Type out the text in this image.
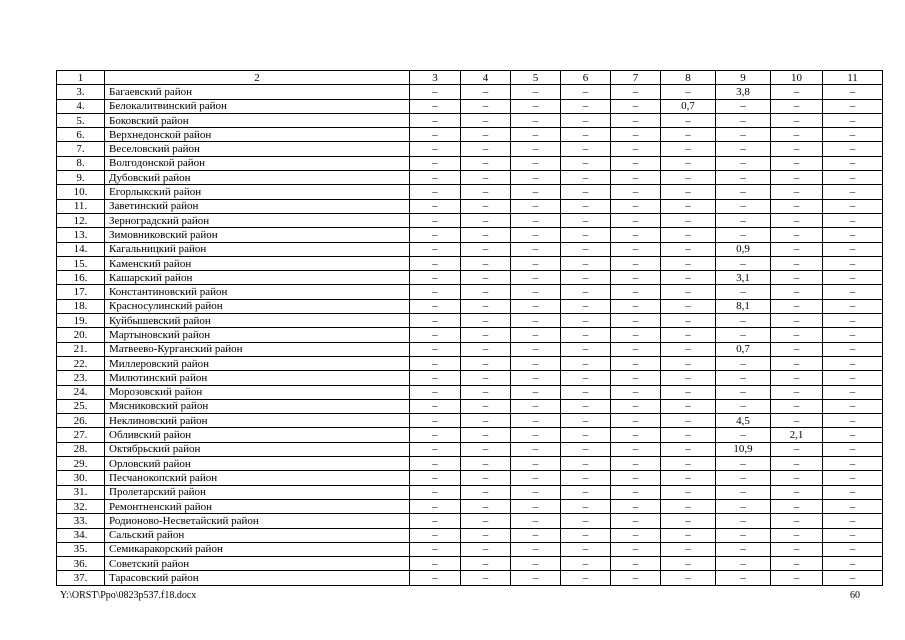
1	2	3	4	5	6	7	8	9	10	11
3.	Багаевский район	–	–	–	–	–	–	3,8	–	–
4.	Белокалитвинский район	–	–	–	–	–	0,7	–	–	–
5.	Боковский район	–	–	–	–	–	–	–	–	–
6.	Верхнедонской район	–	–	–	–	–	–	–	–	–
7.	Веселовский район	–	–	–	–	–	–	–	–	–
8.	Волгодонской район	–	–	–	–	–	–	–	–	–
9.	Дубовский район	–	–	–	–	–	–	–	–	–
10.	Егорлыкский район	–	–	–	–	–	–	–	–	–
11.	Заветинский район	–	–	–	–	–	–	–	–	–
12.	Зерноградский район	–	–	–	–	–	–	–	–	–
13.	Зимовниковский район	–	–	–	–	–	–	–	–	–
14.	Кагальницкий район	–	–	–	–	–	–	0,9	–	–
15.	Каменский район	–	–	–	–	–	–	–	–	–
16.	Кашарский район	–	–	–	–	–	–	3,1	–	–
17.	Константиновский район	–	–	–	–	–	–	–	–	–
18.	Красносулинский район	–	–	–	–	–	–	8,1	–	–
19.	Куйбышевский район	–	–	–	–	–	–	–	–	–
20.	Мартыновский район	–	–	–	–	–	–	–	–	–
21.	Матвеево-Курганский район	–	–	–	–	–	–	0,7	–	–
22.	Миллеровский район	–	–	–	–	–	–	–	–	–
23.	Милютинский район	–	–	–	–	–	–	–	–	–
24.	Морозовский район	–	–	–	–	–	–	–	–	–
25.	Мясниковский район	–	–	–	–	–	–	–	–	–
26.	Неклиновский район	–	–	–	–	–	–	4,5	–	–
27.	Обливский район	–	–	–	–	–	–	–	2,1	–
28.	Октябрьский район	–	–	–	–	–	–	10,9	–	–
29.	Орловский район	–	–	–	–	–	–	–	–	–
30.	Песчанокопский район	–	–	–	–	–	–	–	–	–
31.	Пролетарский район	–	–	–	–	–	–	–	–	–
32.	Ремонтненский район	–	–	–	–	–	–	–	–	–
33.	Родионово-Несветайский район	–	–	–	–	–	–	–	–	–
34.	Сальский район	–	–	–	–	–	–	–	–	–
35.	Семикаракорский район	–	–	–	–	–	–	–	–	–
36.	Советский район	–	–	–	–	–	–	–	–	–
37.	Тарасовский район	–	–	–	–	–	–	–	–	–
Y:\ORST\Ppo\0823p537.f18.docx	60
